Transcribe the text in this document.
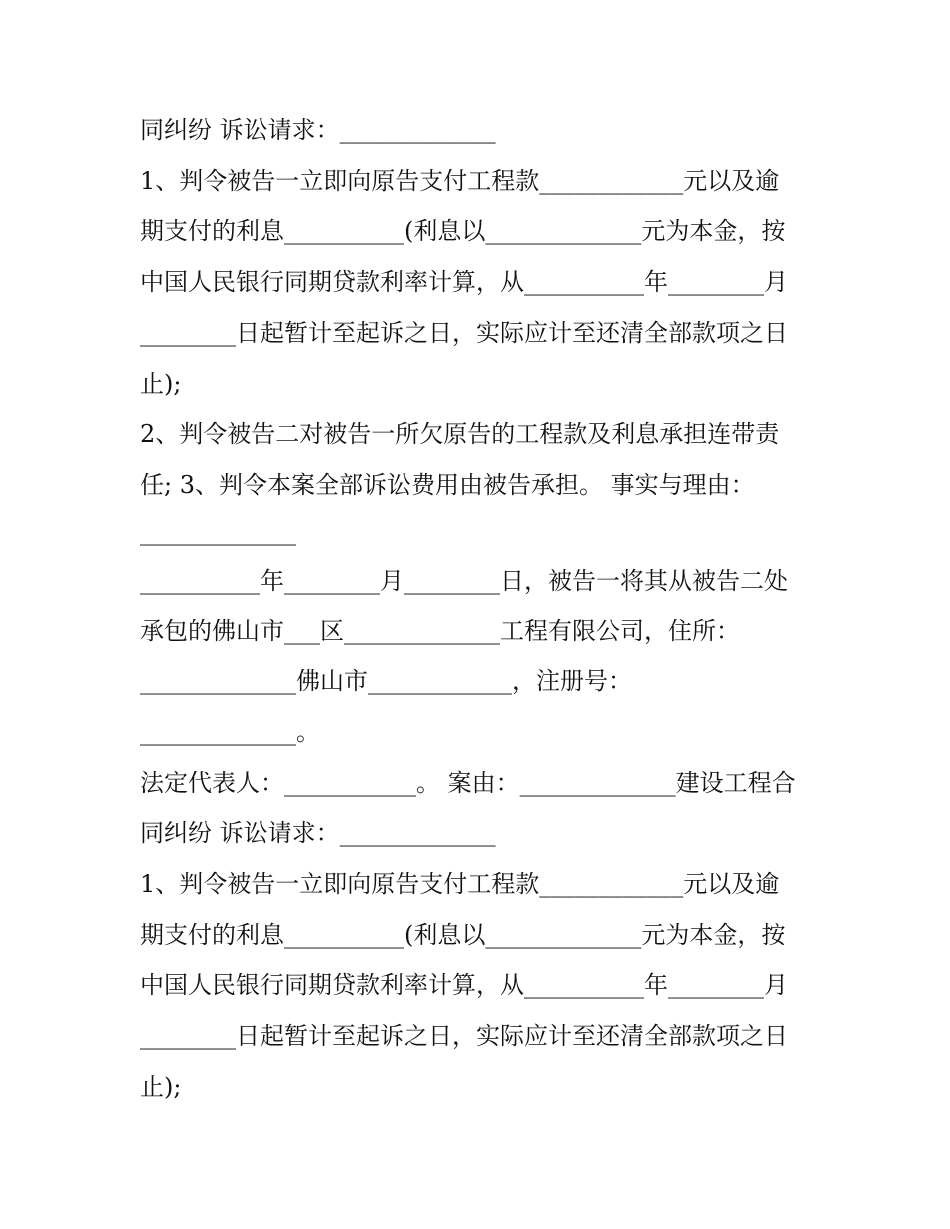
同纠纷 诉讼请求：_____________
1、判令被告一立即向原告支付工程款____________元以及逾
期支付的利息__________(利息以_____________元为本金，按
中国人民银行同期贷款利率计算，从__________年________月
________日起暂计至起诉之日，实际应计至还清全部款项之日
止);
2、判令被告二对被告一所欠原告的工程款及利息承担连带责
任; 3、判令本案全部诉讼费用由被告承担。 事实与理由：
_____________
__________年________月________日，被告一将其从被告二处
承包的佛山市___区_____________工程有限公司，住所：
_____________佛山市____________，注册号：
_____________。
法定代表人：___________。 案由：_____________建设工程合
同纠纷 诉讼请求：_____________
1、判令被告一立即向原告支付工程款____________元以及逾
期支付的利息__________(利息以_____________元为本金，按
中国人民银行同期贷款利率计算，从__________年________月
________日起暂计至起诉之日，实际应计至还清全部款项之日
止);
